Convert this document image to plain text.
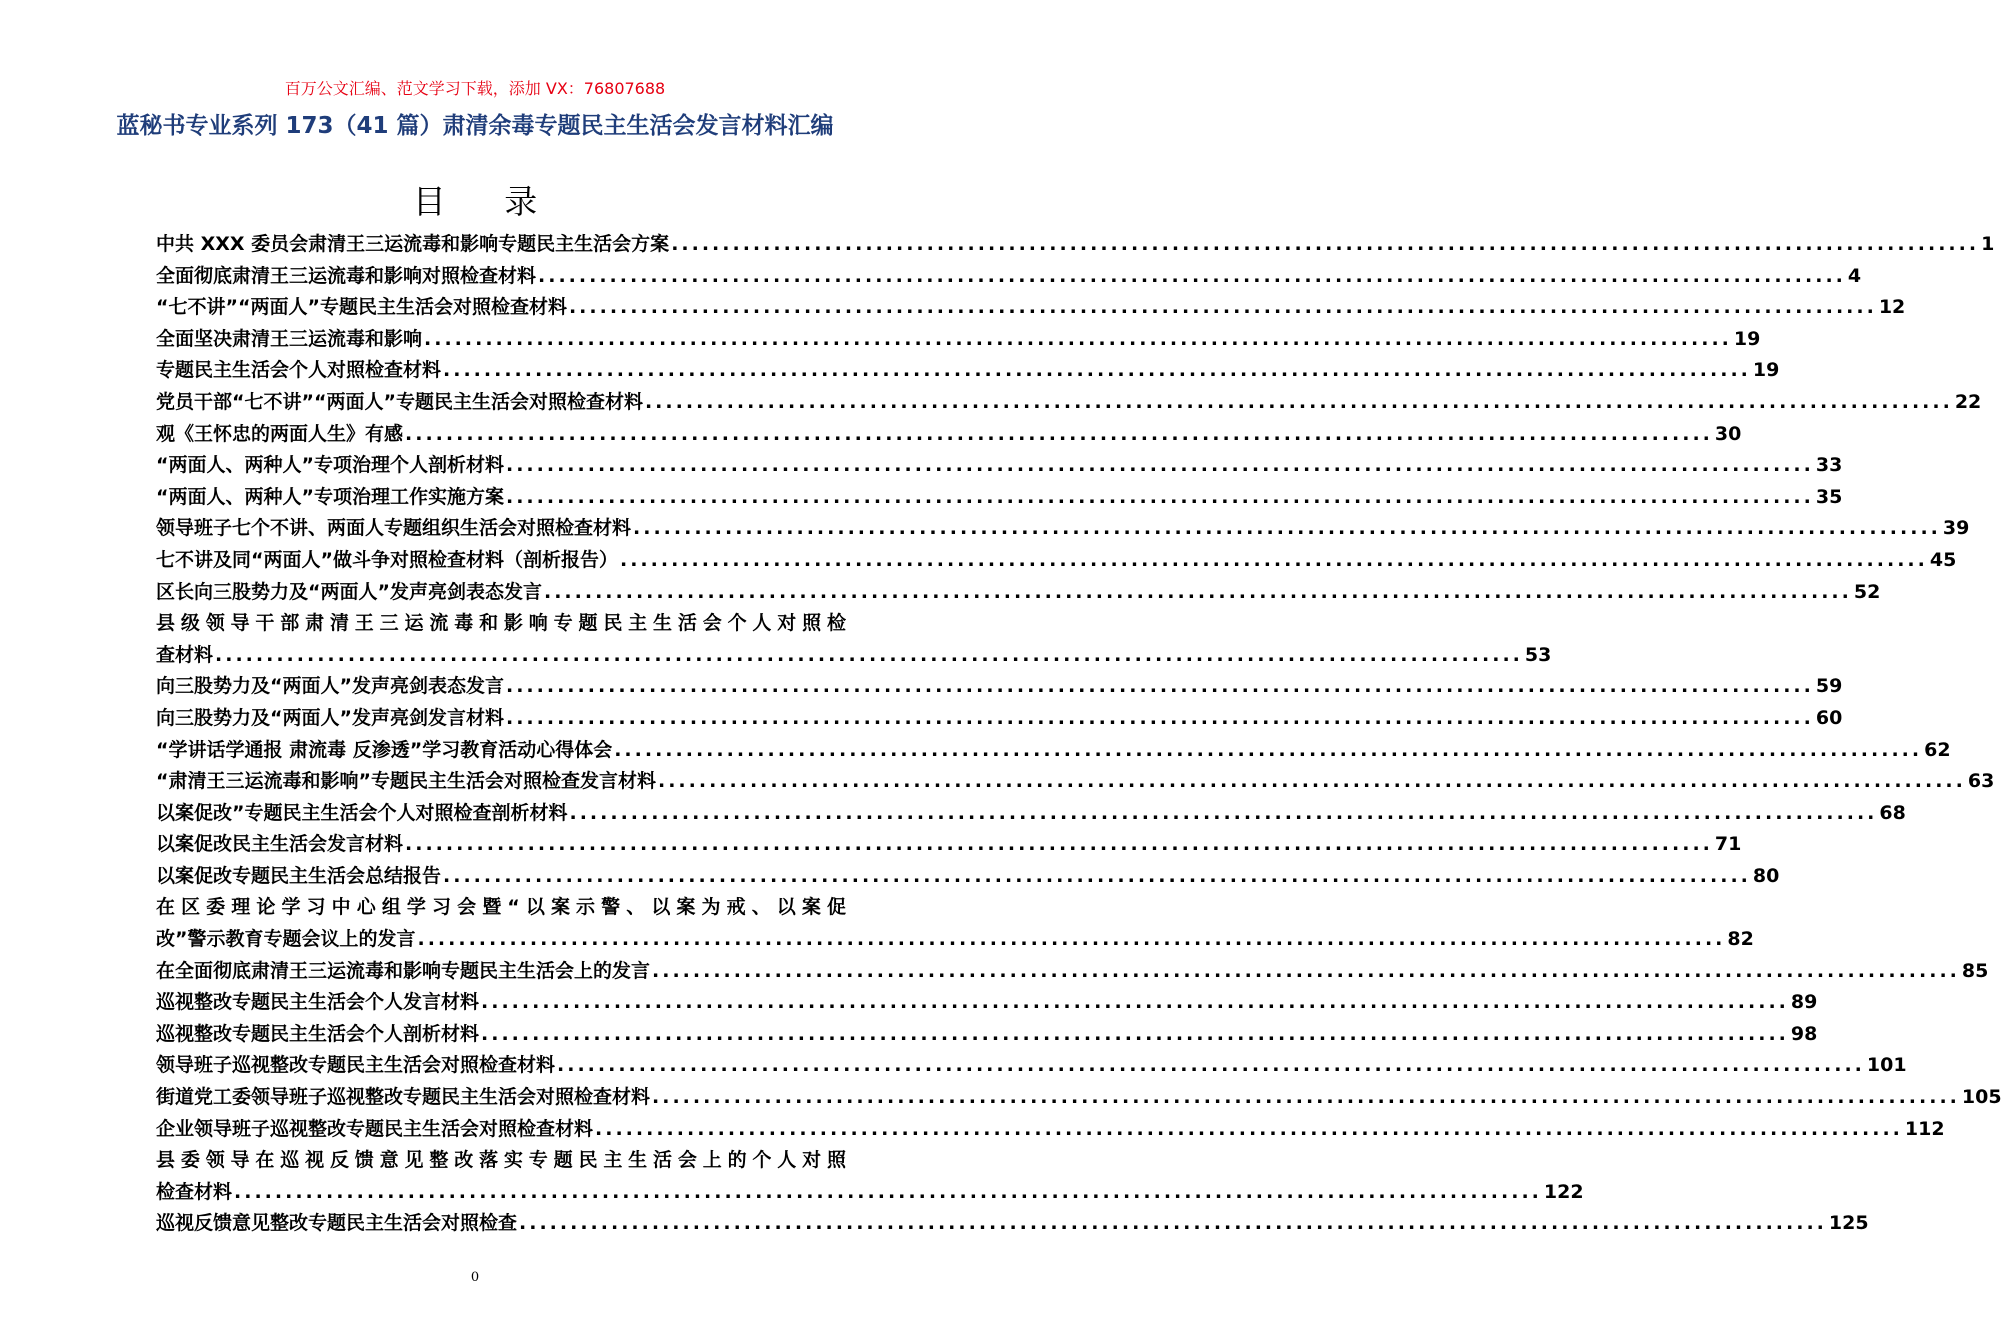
百万公文汇编、范文学习下载，添加 VX：76807688
蓝秘书专业系列 173（41 篇）肃清余毒专题民主生活会发言材料汇编
目 录
中共 XXX 委员会肃清王三运流毒和影响专题民主生活会方案 .....	1
全面彻底肃清王三运流毒和影响对照检查材料 .....	4
“七不讲”“两面人”专题民主生活会对照检查材料 .....	12
全面坚决肃清王三运流毒和影响 .....	19
专题民主生活会个人对照检查材料 .....	19
党员干部“七不讲”“两面人”专题民主生活会对照检查材料 .....	22
观《王怀忠的两面人生》有感 .....	30
“两面人、两种人”专项治理个人剖析材料 .....	33
“两面人、两种人”专项治理工作实施方案 .....	35
领导班子七个不讲、两面人专题组织生活会对照检查材料 .....	39
七不讲及同“两面人”做斗争对照检查材料（剖析报告） .....	45
区长向三股势力及“两面人”发声亮剑表态发言 .....	52
县级领导干部肃清王三运流毒和影响专题民主生活会个人对照检
查材料 .....	53
向三股势力及“两面人”发声亮剑表态发言 .....	59
向三股势力及“两面人”发声亮剑发言材料 .....	60
“学讲话学通报 肃流毒 反渗透”学习教育活动心得体会 .....	62
“肃清王三运流毒和影响”专题民主生活会对照检查发言材料 .....	63
以案促改”专题民主生活会个人对照检查剖析材料 .....	68
以案促改民主生活会发言材料 .....	71
以案促改专题民主生活会总结报告 .....	80
在区委理论学习中心组学习会暨“以案示警、以案为戒、以案促
改”警示教育专题会议上的发言 .....	82
在全面彻底肃清王三运流毒和影响专题民主生活会上的发言 .....	85
巡视整改专题民主生活会个人发言材料 .....	89
巡视整改专题民主生活会个人剖析材料 .....	98
领导班子巡视整改专题民主生活会对照检查材料 .....	101
街道党工委领导班子巡视整改专题民主生活会对照检查材料 .....	105
企业领导班子巡视整改专题民主生活会对照检查材料 .....	112
县委领导在巡视反馈意见整改落实专题民主生活会上的个人对照
检查材料 .....	122
巡视反馈意见整改专题民主生活会对照检查 .....	125
0
